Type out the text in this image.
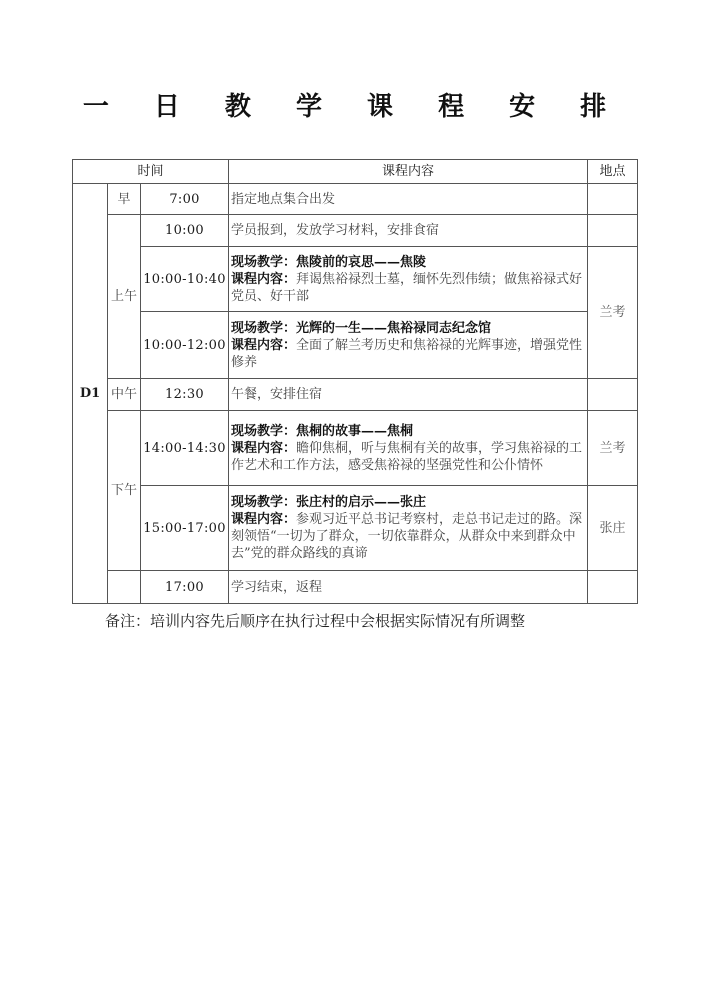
一 日 教 学 课 程 安 排
时间			课程内容	地点
D1	早	7:00	指定地点集合出发	
	上午	10:00	学员报到，发放学习材料，安排食宿	
		10:00-10:40	现场教学：焦陵前的哀思——焦陵
课程内容：拜谒焦裕禄烈士墓，缅怀先烈伟绩；做焦裕禄式好党员、好干部	兰考
		10:00-12:00	现场教学：光辉的一生——焦裕禄同志纪念馆
课程内容：全面了解兰考历史和焦裕禄的光辉事迹，增强党性修养	
	中午	12:30	午餐，安排住宿	
	下午	14:00-14:30	现场教学：焦桐的故事——焦桐
课程内容：瞻仰焦桐，听与焦桐有关的故事，学习焦裕禄的工作艺术和工作方法，感受焦裕禄的坚强党性和公仆情怀	兰考
		15:00-17:00	现场教学：张庄村的启示——张庄
课程内容：参观习近平总书记考察村，走总书记走过的路。深刻领悟“一切为了群众，一切依靠群众，从群众中来到群众中去”党的群众路线的真谛	张庄
		17:00	学习结束，返程	
备注：培训内容先后顺序在执行过程中会根据实际情况有所调整
